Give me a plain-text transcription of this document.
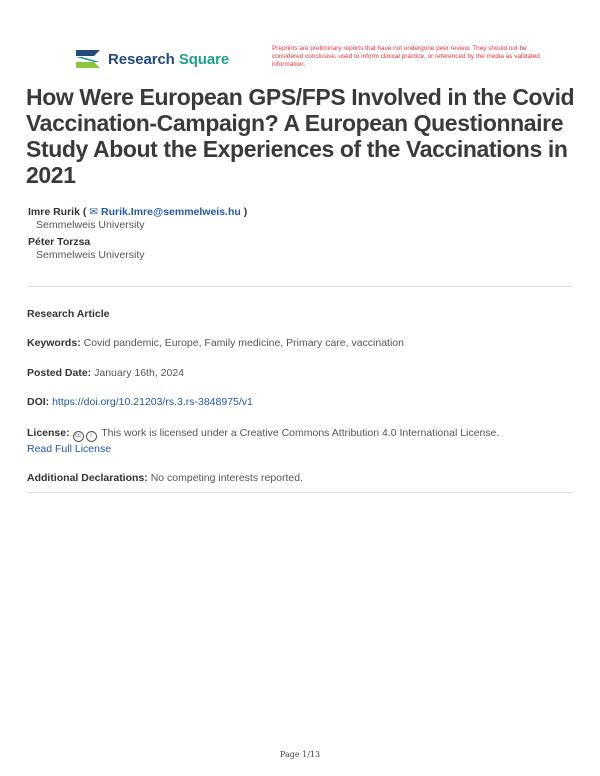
Research Square
Preprints are preliminary reports that have not undergone peer review. They should not be considered conclusive, used to inform clinical practice, or referenced by the media as validated information.
How Were European GPS/FPS Involved in the Covid Vaccination-Campaign? A European Questionnaire Study About the Experiences of the Vaccinations in 2021
Imre Rurik ( ✉ Rurik.Imre@semmelweis.hu )
Semmelweis University
Péter Torzsa
Semmelweis University
Research Article
Keywords: Covid pandemic, Europe, Family medicine, Primary care, vaccination
Posted Date: January 16th, 2024
DOI: https://doi.org/10.21203/rs.3.rs-3848975/v1
License: cc i This work is licensed under a Creative Commons Attribution 4.0 International License.
Read Full License
Additional Declarations: No competing interests reported.
Page 1/13
